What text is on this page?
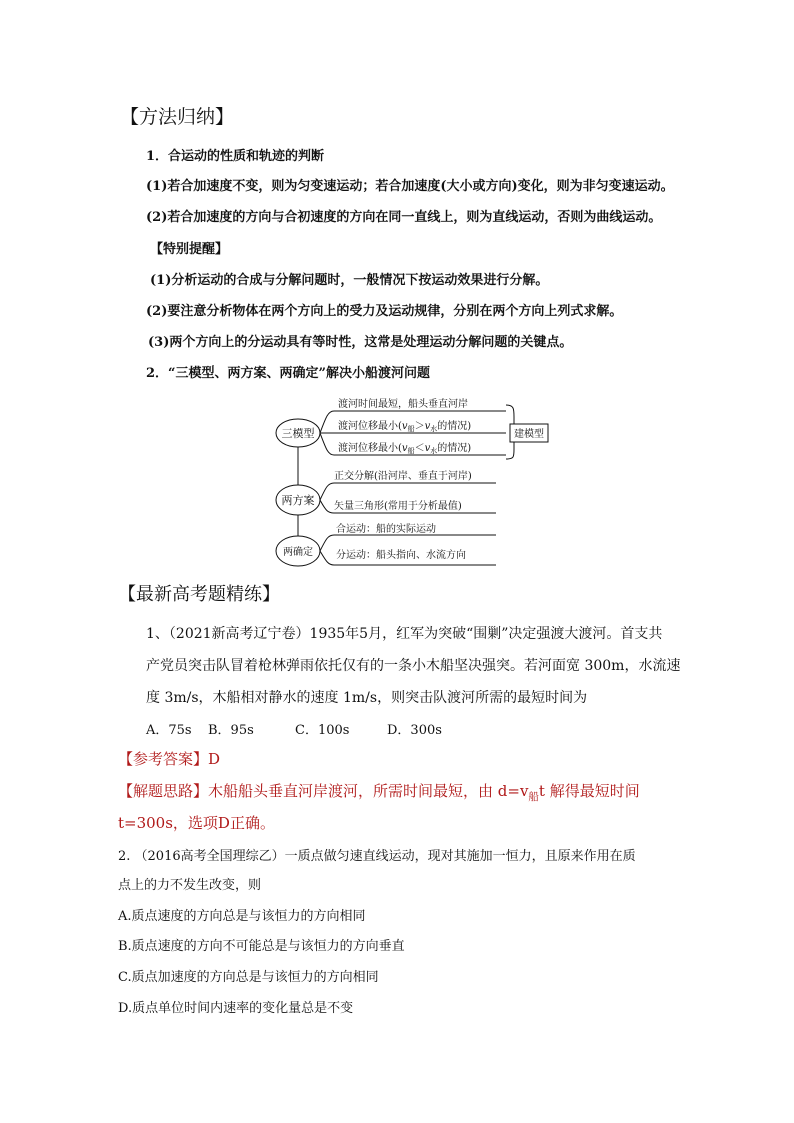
【方法归纳】
1．合运动的性质和轨迹的判断
(1)若合加速度不变，则为匀变速运动；若合加速度(大小或方向)变化，则为非匀变速运动。
(2)若合加速度的方向与合初速度的方向在同一直线上，则为直线运动，否则为曲线运动。
【特别提醒】
(1)分析运动的合成与分解问题时，一般情况下按运动效果进行分解。
(2)要注意分析物体在两个方向上的受力及运动规律，分别在两个方向上列式求解。
(3)两个方向上的分运动具有等时性，这常是处理运动分解问题的关键点。
2．“三模型、两方案、两确定”解决小船渡河问题
三模型
两方案
两确定
渡河时间最短，船头垂直河岸
渡河位移最小($v_船>v_水$的情况)
渡河位移最小($v_船<v_水$的情况)
建模型
正交分解(沿河岸、垂直于河岸)
矢量三角形(常用于分析最值)
合运动：船的实际运动
分运动：船头指向、水流方向
【最新高考题精练】
1、（2021新高考辽宁卷）1935年5月，红军为突破“围剿”决定强渡大渡河。首支共
产党员突击队冒着枪林弹雨依托仅有的一条小木船坚决强突。若河面宽 300m，水流速
度 3m/s，木船相对静水的速度 1m/s，则突击队渡河所需的最短时间为
A．75s B．95s	C．100s	D．300s
【参考答案】D
【解题思路】木船船头垂直河岸渡河，所需时间最短，由 $d=v_船t$ 解得最短时间
t=300s，选项D正确。
2. （2016高考全国理综乙）一质点做匀速直线运动，现对其施加一恒力，且原来作用在质
点上的力不发生改变，则
A.质点速度的方向总是与该恒力的方向相同
B.质点速度的方向不可能总是与该恒力的方向垂直
C.质点加速度的方向总是与该恒力的方向相同
D.质点单位时间内速率的变化量总是不变
